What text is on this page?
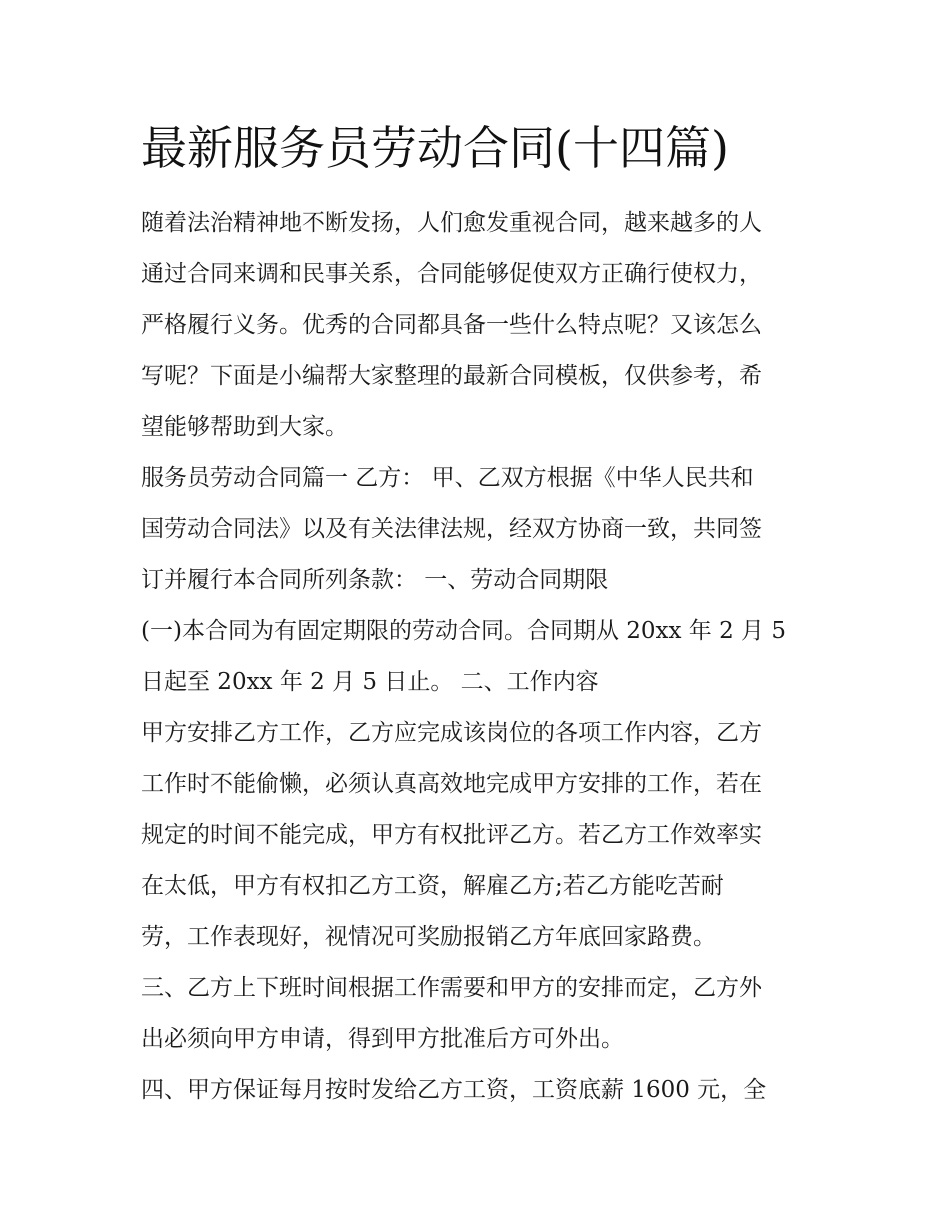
最新服务员劳动合同(十四篇)

随着法治精神地不断发扬，人们愈发重视合同，越来越多的人
通过合同来调和民事关系，合同能够促使双方正确行使权力，
严格履行义务。优秀的合同都具备一些什么特点呢？又该怎么
写呢？下面是小编帮大家整理的最新合同模板，仅供参考，希
望能够帮助到大家。

服务员劳动合同篇一 乙方： 甲、乙双方根据《中华人民共和
国劳动合同法》以及有关法律法规，经双方协商一致，共同签
订并履行本合同所列条款： 一、劳动合同期限

(一)本合同为有固定期限的劳动合同。合同期从 20xx 年 2 月 5
日起至 20xx 年 2 月 5 日止。 二、工作内容

甲方安排乙方工作，乙方应完成该岗位的各项工作内容，乙方
工作时不能偷懒，必须认真高效地完成甲方安排的工作，若在
规定的时间不能完成，甲方有权批评乙方。若乙方工作效率实
在太低，甲方有权扣乙方工资，解雇乙方;若乙方能吃苦耐
劳，工作表现好，视情况可奖励报销乙方年底回家路费。

三、乙方上下班时间根据工作需要和甲方的安排而定，乙方外
出必须向甲方申请，得到甲方批准后方可外出。

四、甲方保证每月按时发给乙方工资，工资底薪 1600 元，全
